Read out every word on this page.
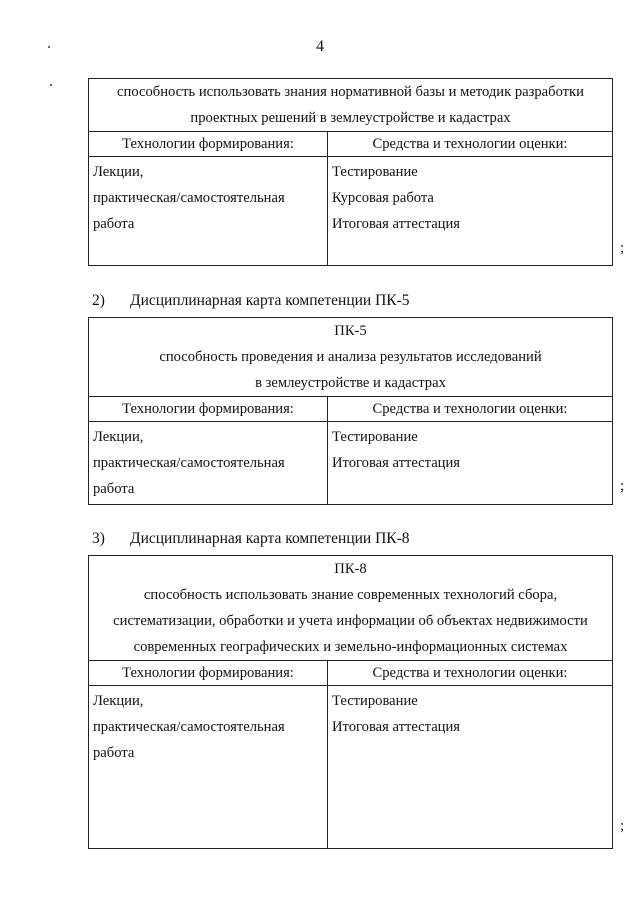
4
способность использовать знания нормативной базы и методик разработки
проектных решений в землеустройстве и кадастрах	

Технологии формирования:	Средства и технологии оценки:

Лекции,
практическая/самостоятельная
работа	Тестирование
Курсовая работа
Итоговая аттестация
;
2) Дисциплинарная карта компетенции ПК-5
ПК-5
способность проведения и анализа результатов исследований
в землеустройстве и кадастрах	

Технологии формирования:	Средства и технологии оценки:

Лекции,
практическая/самостоятельная
работа	Тестирование
Итоговая аттестация
;
3) Дисциплинарная карта компетенции ПК-8
ПК-8
способность использовать знание современных технологий сбора,
систематизации, обработки и учета информации об объектах недвижимости
современных географических и земельно-информационных системах	

Технологии формирования:	Средства и технологии оценки:

Лекции,
практическая/самостоятельная
работа	Тестирование
Итоговая аттестация
;
